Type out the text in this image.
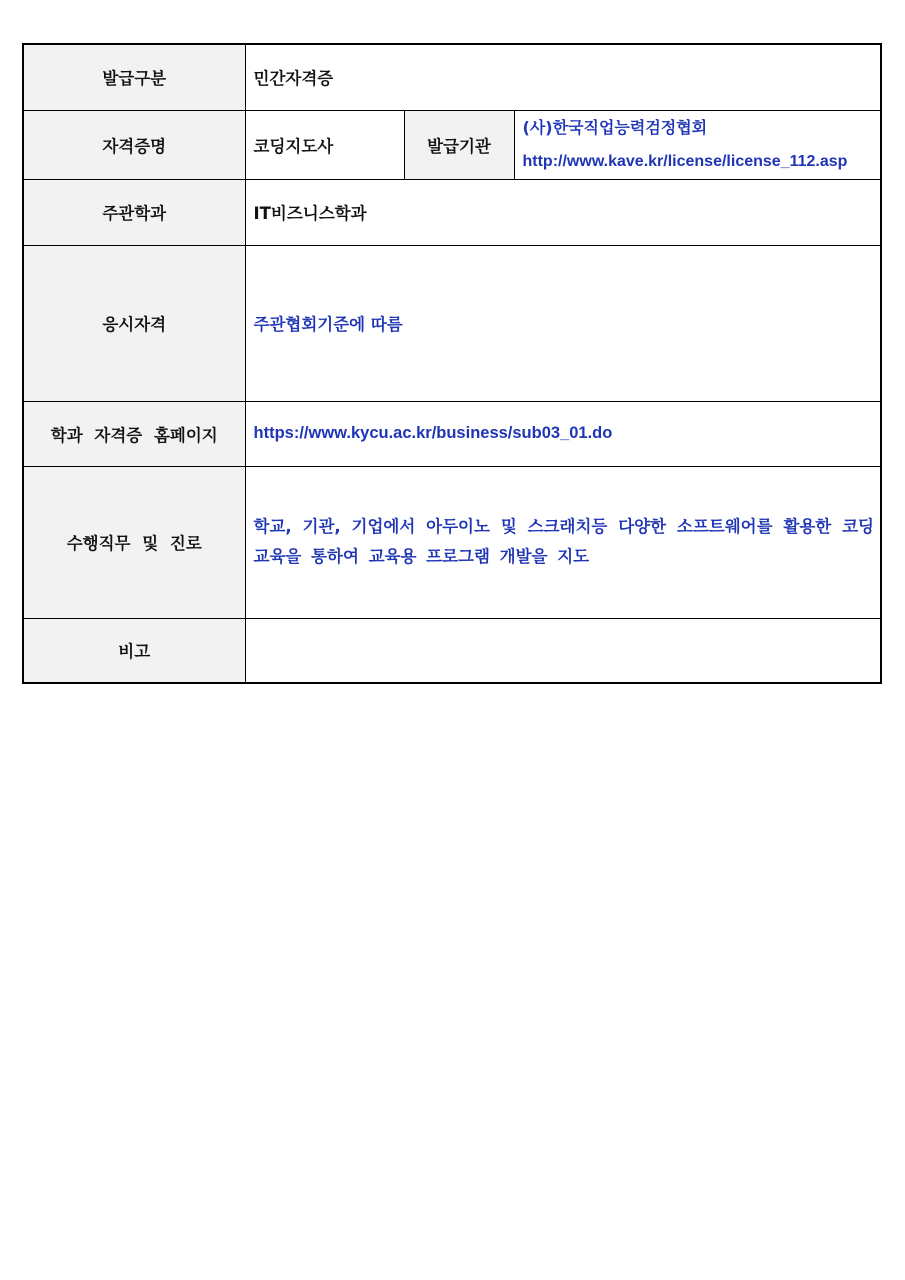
발급구분	민간자격증		
자격증명	코딩지도사	발급기관	(사)한국직업능력검정협회
http://www.kave.kr/license/license_112.asp

주관학과	IT비즈니스학과		
응시자격	주관협회기준에 따름		
학과 자격증 홈페이지	https://www.kycu.ac.kr/business/sub03_01.do		
수행직무 및 진로	학교, 기관, 기업에서 아두이노 및 스크래치등 다양한 소프트웨어를 활용한 코딩교육을 통하여 교육용 프로그램 개발을 지도		
비고			
